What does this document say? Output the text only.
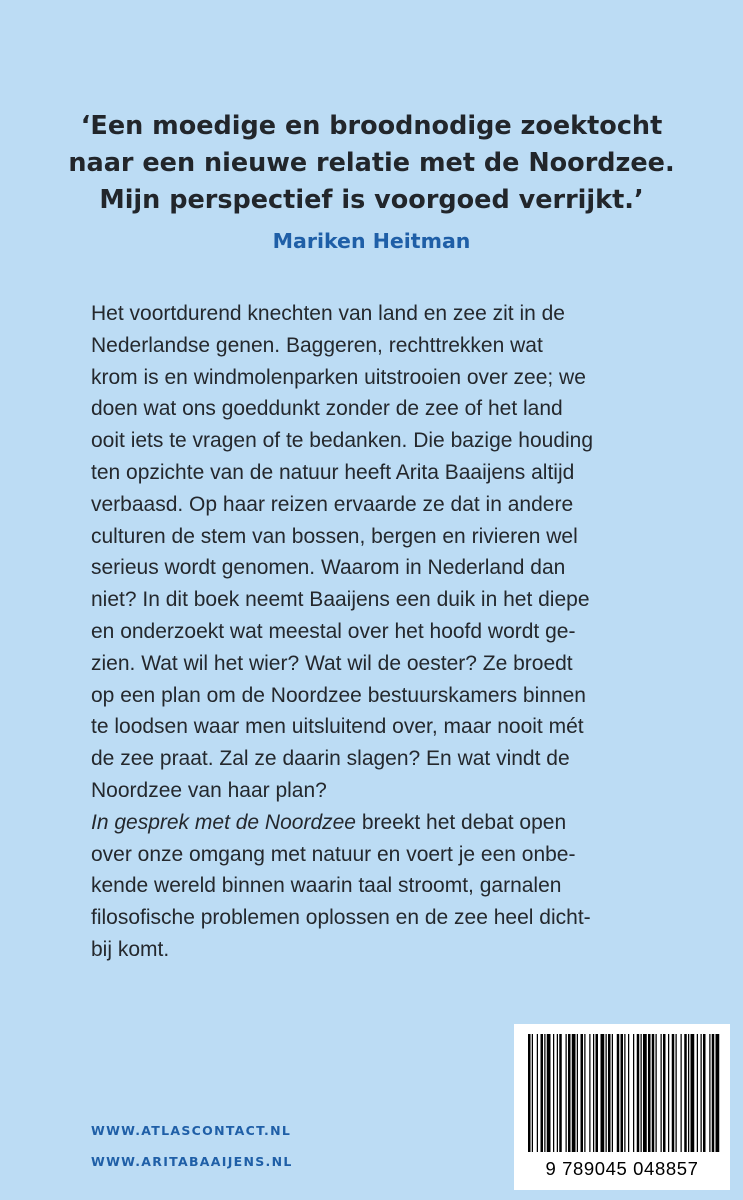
‘Een moedige en broodnodige zoektocht
naar een nieuwe relatie met de Noordzee.
Mijn perspectief is voorgoed verrijkt.’
Mariken Heitman
Het voortdurend knechten van land en zee zit in de
Nederlandse genen. Baggeren, rechttrekken wat
krom is en windmolenparken uitstrooien over zee; we
doen wat ons goeddunkt zonder de zee of het land
ooit iets te vragen of te bedanken. Die bazige houding
ten opzichte van de natuur heeft Arita Baaijens altijd
verbaasd. Op haar reizen ervaarde ze dat in andere
culturen de stem van bossen, bergen en rivieren wel
serieus wordt genomen. Waarom in Nederland dan
niet? In dit boek neemt Baaijens een duik in het diepe
en onderzoekt wat meestal over het hoofd wordt ge-
zien. Wat wil het wier? Wat wil de oester? Ze broedt
op een plan om de Noordzee bestuurskamers binnen
te loodsen waar men uitsluitend over, maar nooit mét
de zee praat. Zal ze daarin slagen? En wat vindt de
Noordzee van haar plan?
In gesprek met de Noordzee breekt het debat open
over onze omgang met natuur en voert je een onbe-
kende wereld binnen waarin taal stroomt, garnalen
filosofische problemen oplossen en de zee heel dicht-
bij komt.
WWW.ATLASCONTACT.NL
WWW.ARITABAAIJENS.NL	9 789045 048857
